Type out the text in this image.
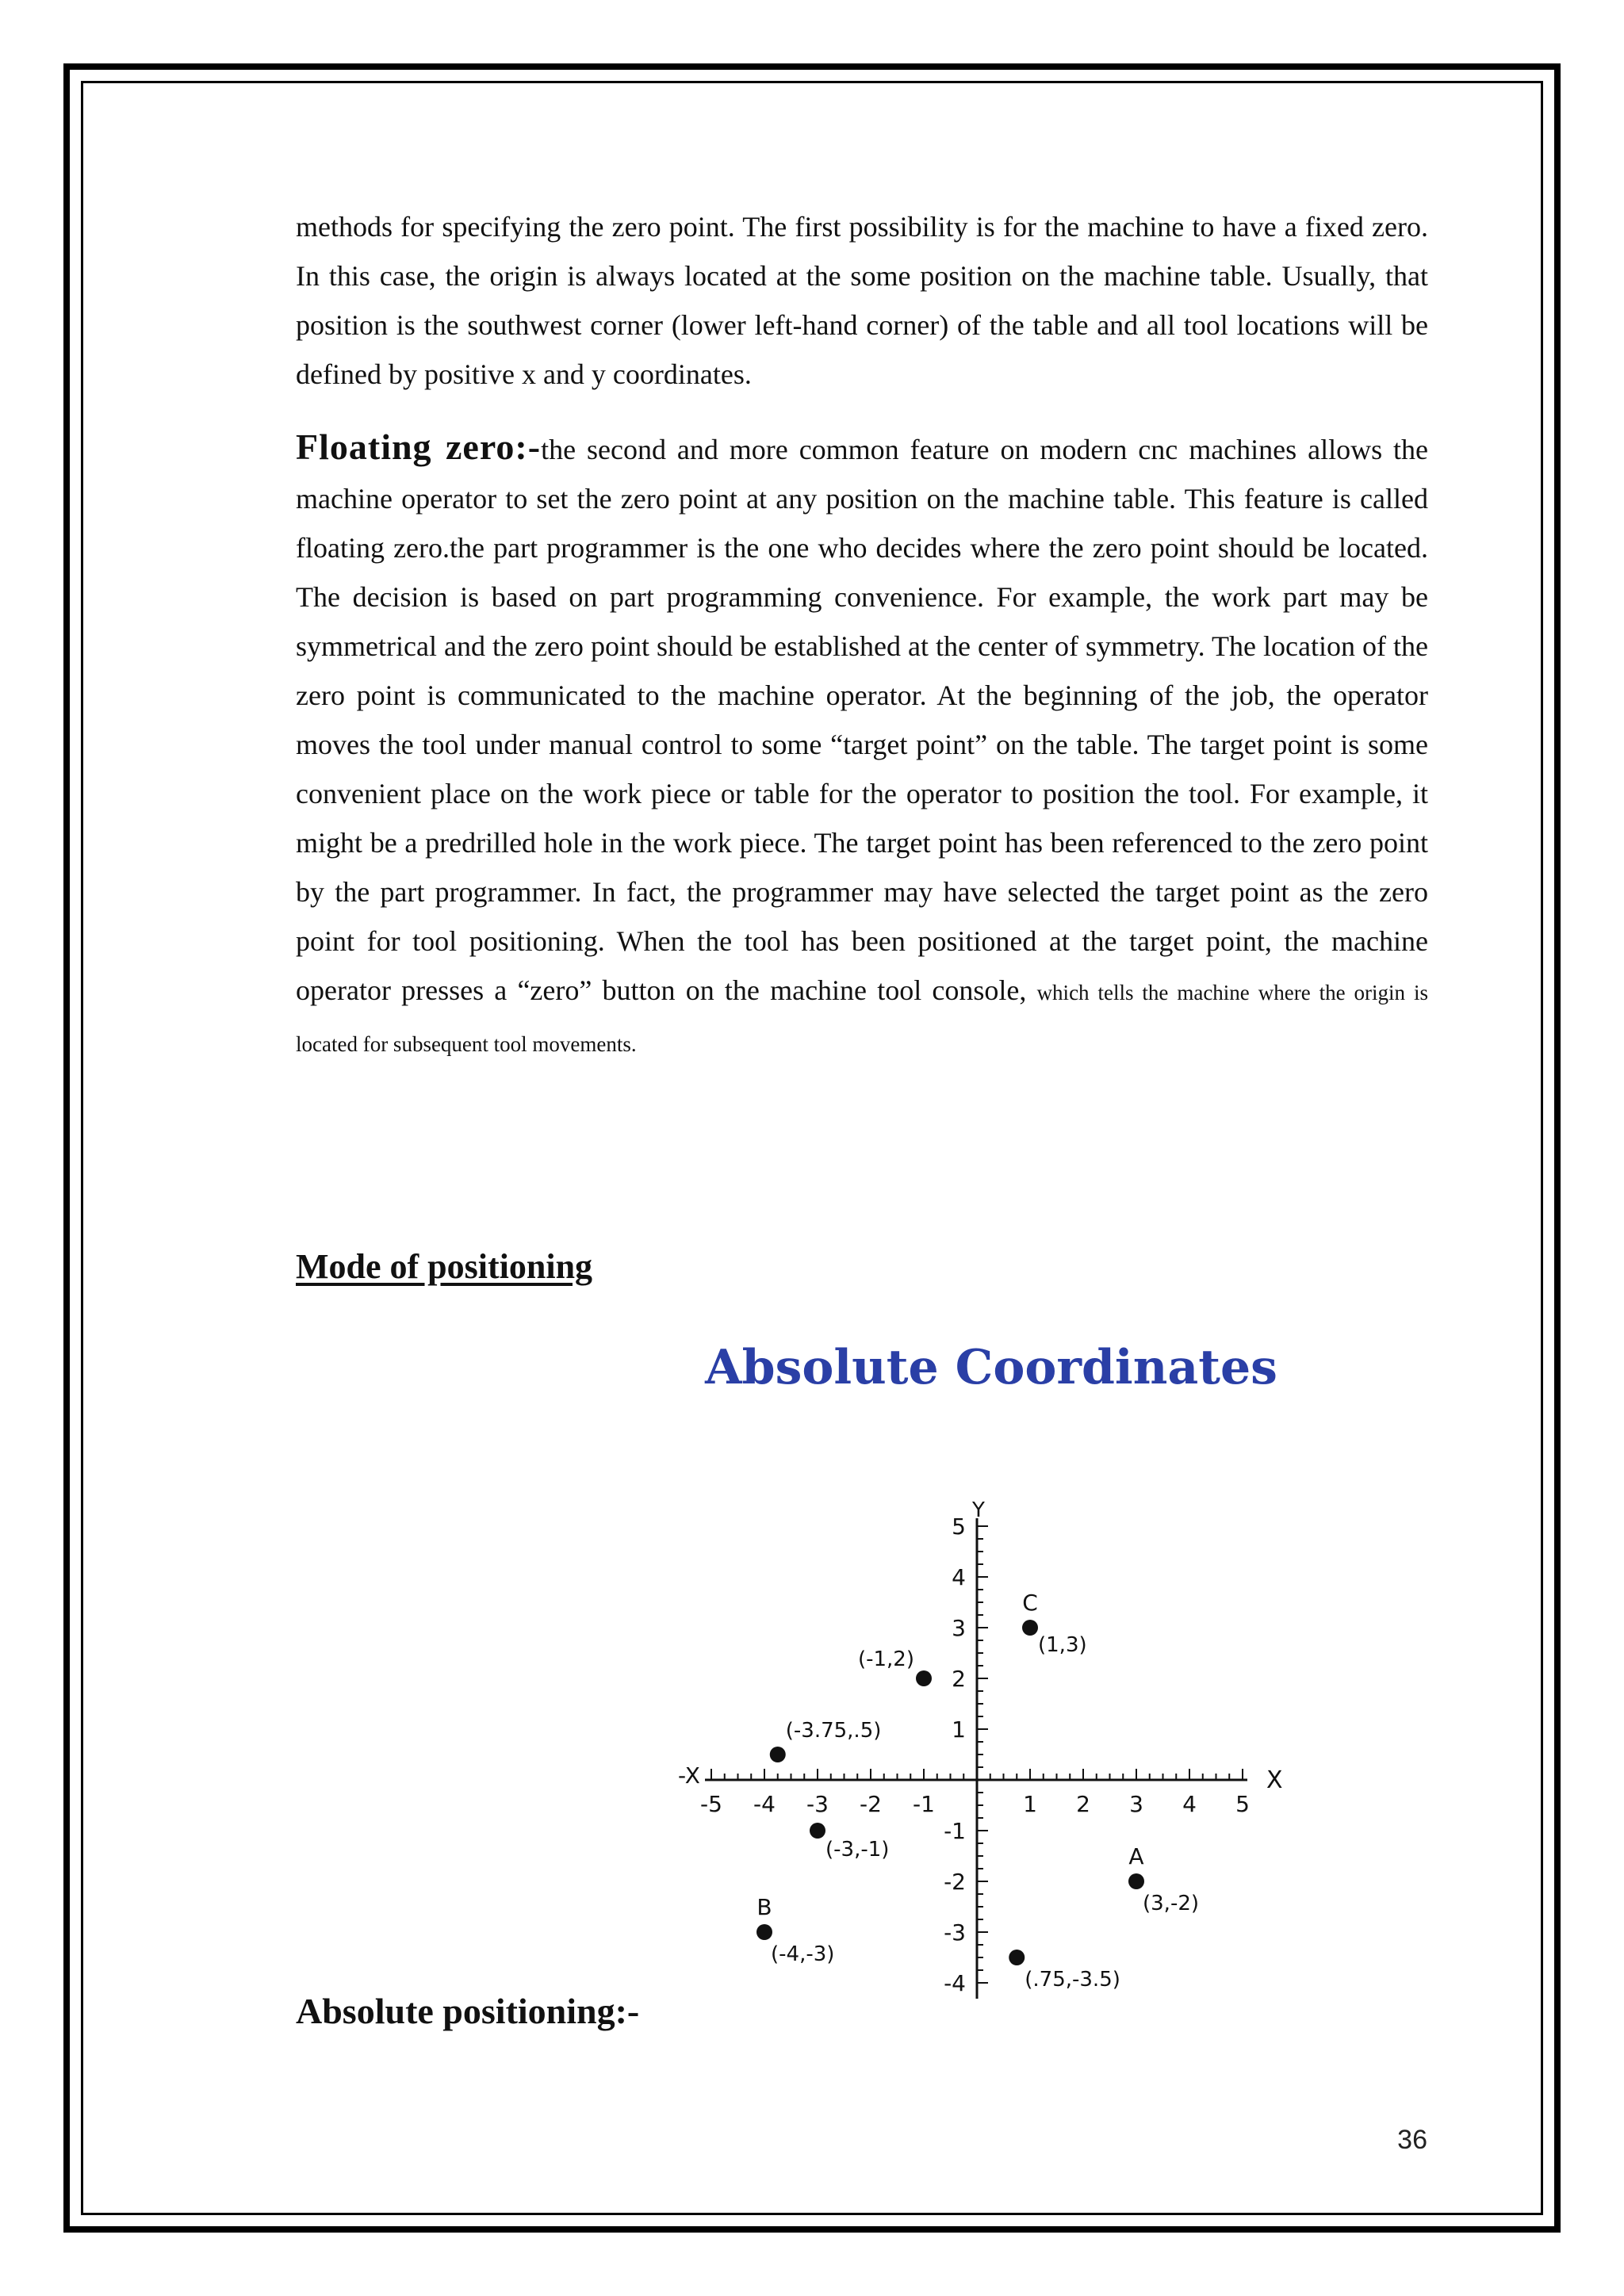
methods for specifying the zero point. The first possibility is for the machine to have a fixed zero. In this case, the origin is always located at the some position on the machine table. Usually, that position is the southwest corner (lower left-hand corner) of the table and all tool locations will be defined by positive x and y coordinates.

Floating zero:-the second and more common feature on modern cnc machines allows the machine operator to set the zero point at any position on the machine table. This feature is called floating zero.the part programmer is the one who decides where the zero point should be located. The decision is based on part programming convenience. For example, the work part may be symmetrical and the zero point should be established at the center of symmetry. The location of the zero point is communicated to the machine operator. At the beginning of the job, the operator moves the tool under manual control to some “target point” on the table. The target point is some convenient place on the work piece or table for the operator to position the tool. For example, it might be a predrilled hole in the work piece. The target point has been referenced to the zero point by the part programmer. In fact, the programmer may have selected the target point as the zero point for tool positioning. When the tool has been positioned at the target point, the machine operator presses a “zero” button on the machine tool console, which tells the machine where the origin is located for subsequent tool movements.

Mode of positioning
-5 -4 -3 -2 -1	1 2 3 4 5
5
4
3
2
1
-1
-2
-3
-4
X
-X
Y
(1,3)
C
(-1,2)
(-3.75,.5)
(-3,-1)
(3,-2)
A
(-4,-3)
B
(.75,-3.5)
Absolute Coordinates
Absolute positioning:-
36
